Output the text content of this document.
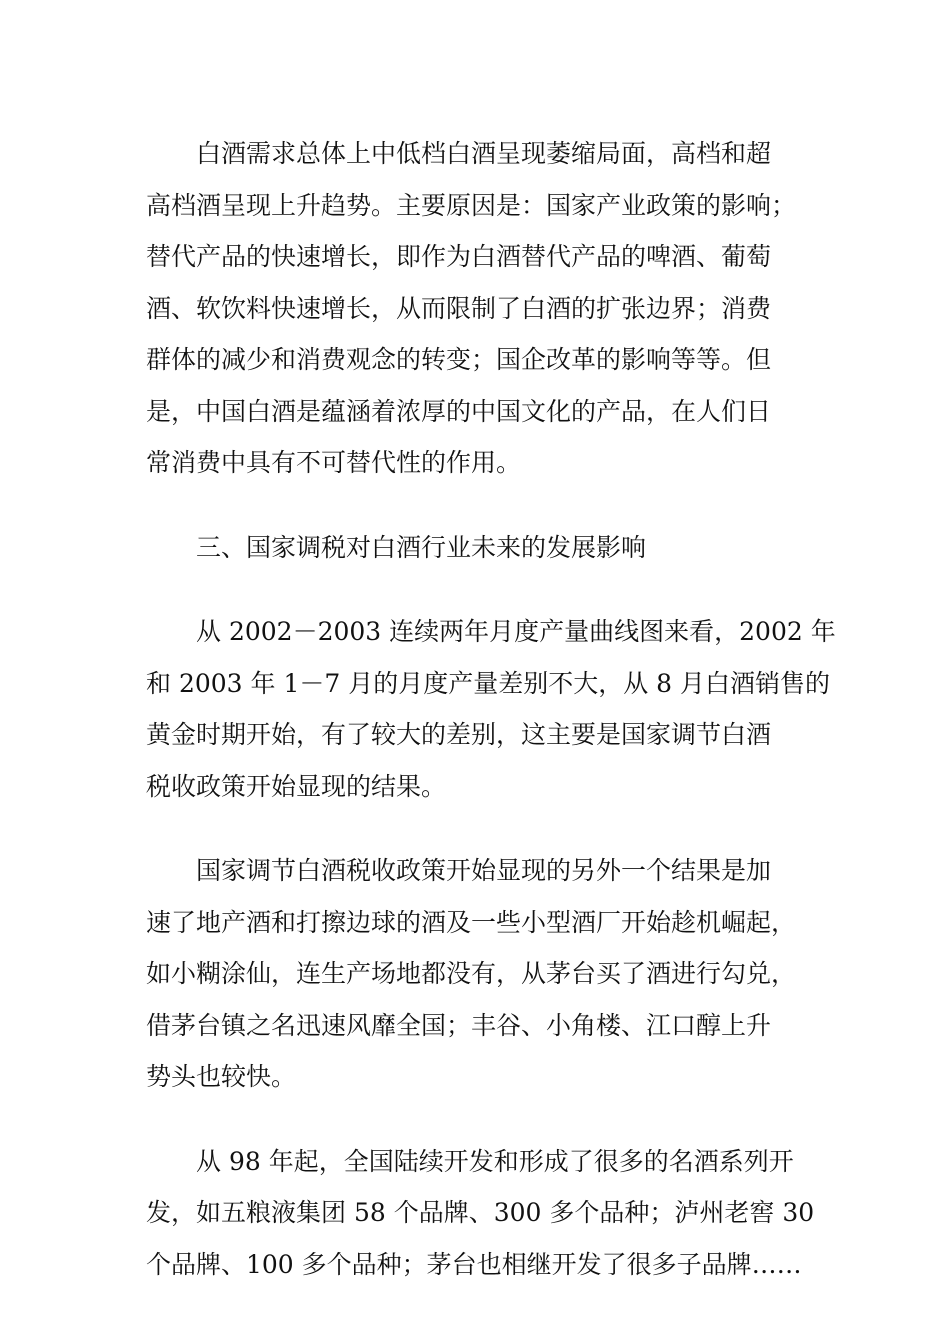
白酒需求总体上中低档白酒呈现萎缩局面，高档和超
高档酒呈现上升趋势。主要原因是：国家产业政策的影响；
替代产品的快速增长，即作为白酒替代产品的啤酒、葡萄
酒、软饮料快速增长，从而限制了白酒的扩张边界；消费
群体的减少和消费观念的转变；国企改革的影响等等。但
是，中国白酒是蕴涵着浓厚的中国文化的产品，在人们日
常消费中具有不可替代性的作用。
三、国家调税对白酒行业未来的发展影响
从 2002－2003 连续两年月度产量曲线图来看，2002 年
和 2003 年 1－7 月的月度产量差别不大，从 8 月白酒销售的
黄金时期开始，有了较大的差别，这主要是国家调节白酒
税收政策开始显现的结果。
国家调节白酒税收政策开始显现的另外一个结果是加
速了地产酒和打擦边球的酒及一些小型酒厂开始趁机崛起，
如小糊涂仙，连生产场地都没有，从茅台买了酒进行勾兑，
借茅台镇之名迅速风靡全国；丰谷、小角楼、江口醇上升
势头也较快。
从 98 年起，全国陆续开发和形成了很多的名酒系列开
发，如五粮液集团 58 个品牌、300 多个品种；泸州老窖 30
个品牌、100 多个品种；茅台也相继开发了很多子品牌……
